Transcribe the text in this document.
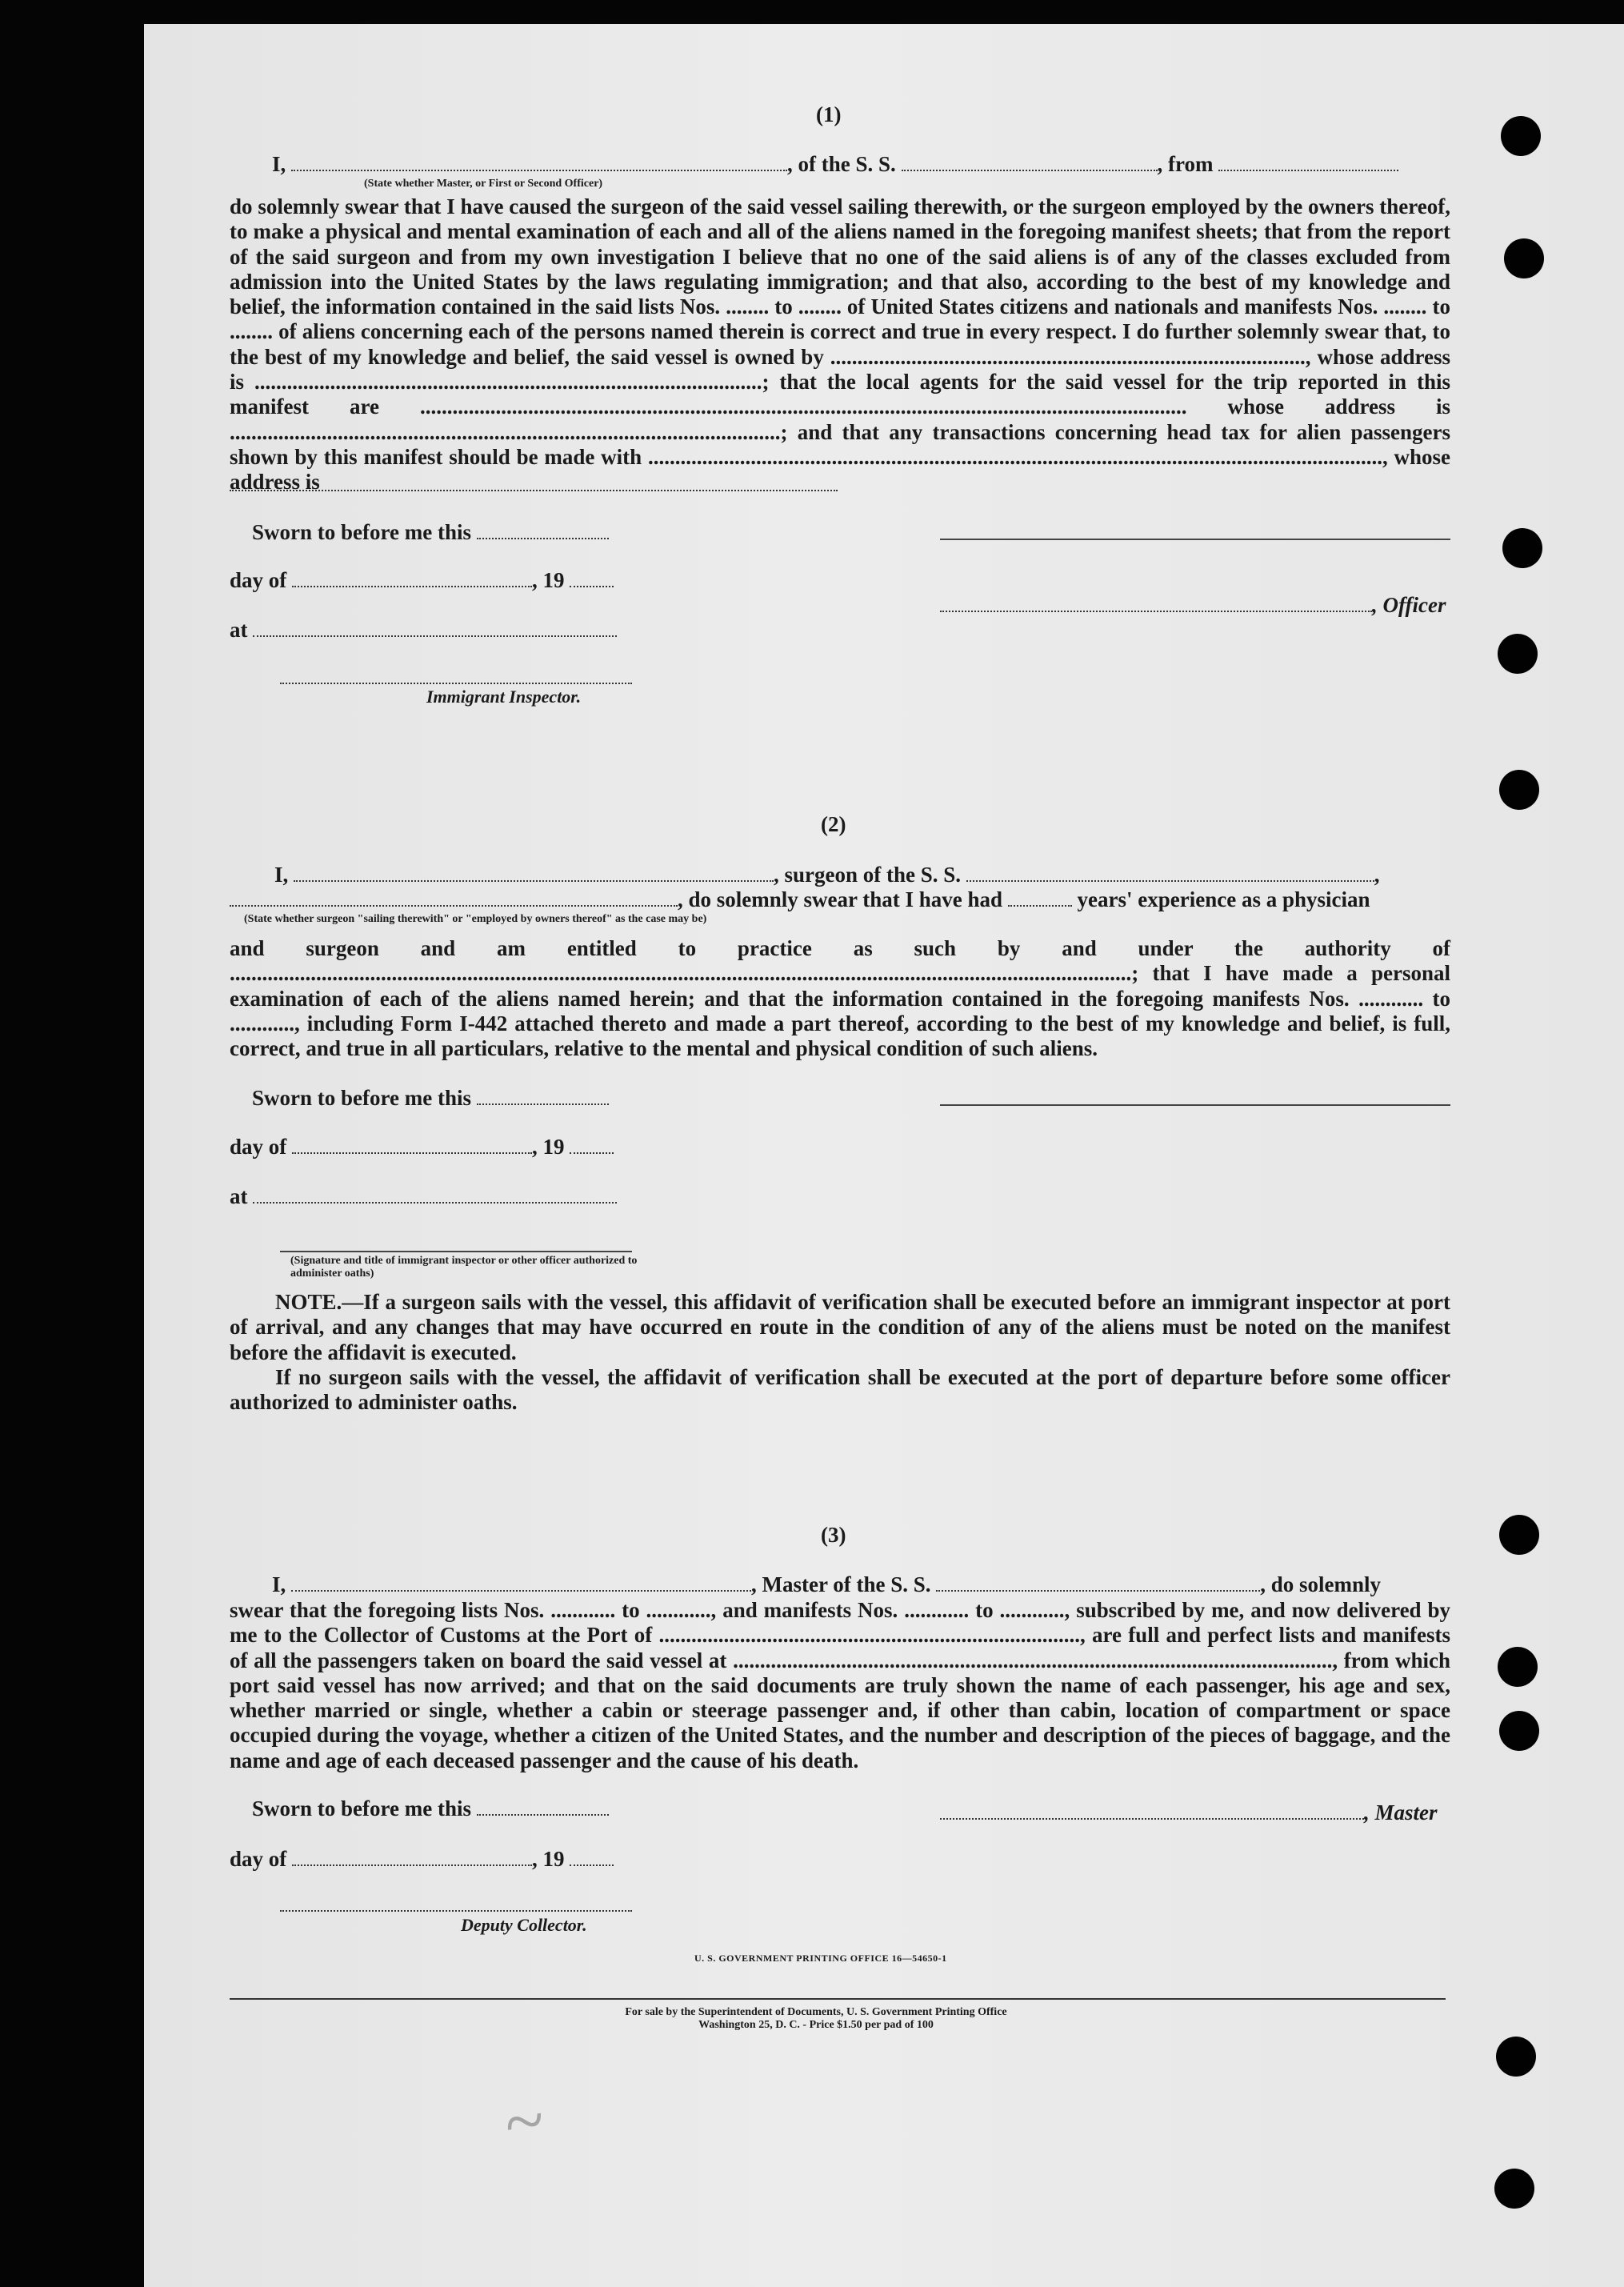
(1)
I,	, of the S. S.	, from
(State whether Master, or First or Second Officer)

do solemnly swear that I have caused the surgeon of the said vessel sailing therewith, or the surgeon employed by the owners thereof, to make a physical and mental examination of each and all of the aliens named in the foregoing manifest sheets; that from the report of the said surgeon and from my own investigation I believe that no one of the said aliens is of any of the classes excluded from admission into the United States by the laws regulating immigration; and that also, according to the best of my knowledge and belief, the information contained in the said lists Nos. ........ to ........ of United States citizens and nationals and manifests Nos. ........ to ........ of aliens concerning each of the persons named therein is correct and true in every respect. I do further solemnly swear that, to the best of my knowledge and belief, the said vessel is owned by ........................................................................................, whose address is ..............................................................................................; that the local agents for the said vessel for the trip reported in this manifest are .............................................................................................................................................. whose address is ......................................................................................................; and that any transactions concerning head tax for alien passengers shown by this manifest should be made with ........................................................................................................................................, whose address is

Sworn to before me this
day of	, 19
, Officer
at
Immigrant Inspector.
(2)
I,	, surgeon of the S. S.	,
, do solemnly swear that I have had	years' experience as a physician
(State whether surgeon "sailing therewith" or "employed by owners thereof" as the case may be)

and surgeon and am entitled to practice as such by and under the authority of .......................................................................................................................................................................; that I have made a personal examination of each of the aliens named herein; and that the information contained in the foregoing manifests Nos. ............ to ............, including Form I-442 attached thereto and made a part thereof, according to the best of my knowledge and belief, is full, correct, and true in all particulars, relative to the mental and physical condition of such aliens.

Sworn to before me this
day of	, 19
at
(Signature and title of immigrant inspector or other officer authorized to administer oaths)

NOTE.—If a surgeon sails with the vessel, this affidavit of verification shall be executed before an immigrant inspector at port of arrival, and any changes that may have occurred en route in the condition of any of the aliens must be noted on the manifest before the affidavit is executed.

If no surgeon sails with the vessel, the affidavit of verification shall be executed at the port of departure before some officer authorized to administer oaths.

(3)
I,	, Master of the S. S.	, do solemnly

swear that the foregoing lists Nos. ............ to ............, and manifests Nos. ............ to ............, subscribed by me, and now delivered by me to the Collector of Customs at the Port of .............................................................................., are full and perfect lists and manifests of all the passengers taken on board the said vessel at ..............................................................................................................., from which port said vessel has now arrived; and that on the said documents are truly shown the name of each passenger, his age and sex, whether married or single, whether a cabin or steerage passenger and, if other than cabin, location of compartment or space occupied during the voyage, whether a citizen of the United States, and the number and description of the pieces of baggage, and the name and age of each deceased passenger and the cause of his death.

Sworn to before me this	, Master
day of	, 19
Deputy Collector.
U. S. GOVERNMENT PRINTING OFFICE 16—54650-1
For sale by the Superintendent of Documents, U. S. Government Printing Office
Washington 25, D. C. - Price $1.50 per pad of 100
~
